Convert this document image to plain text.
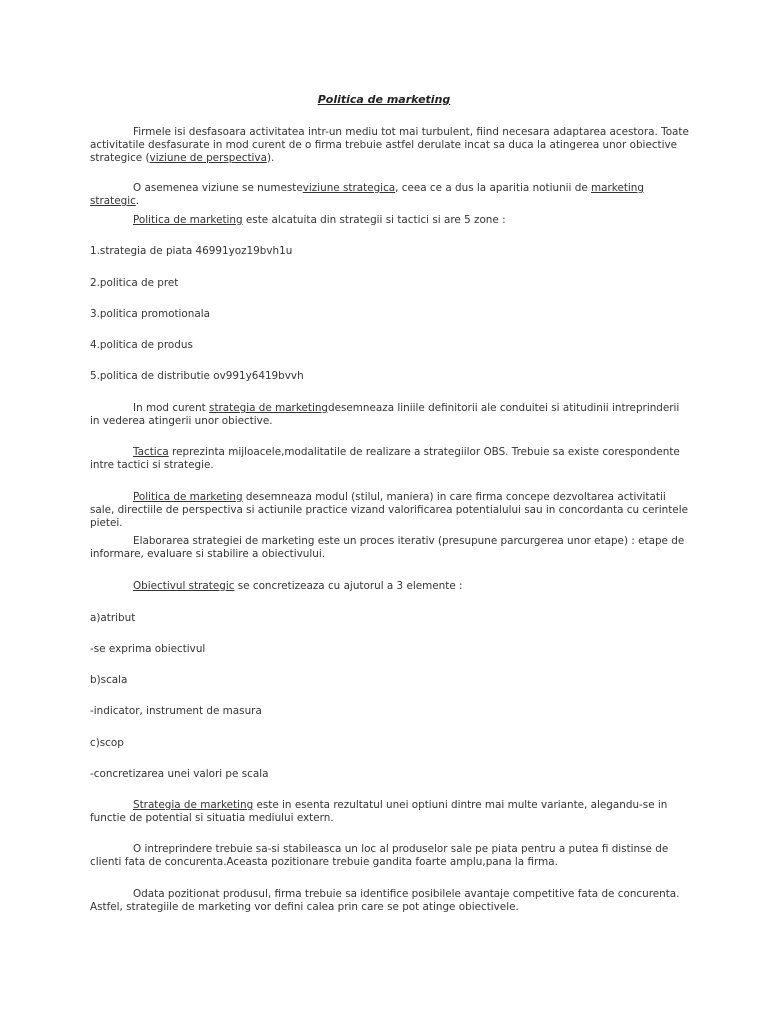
Politica de marketing

Firmele isi desfasoara activitatea intr-un mediu tot mai turbulent, fiind necesara adaptarea acestora. Toate activitatile desfasurate in mod curent de o firma trebuie astfel derulate incat sa duca la atingerea unor obiective strategice (viziune de perspectiva).

O asemenea viziune se numesteviziune strategica, ceea ce a dus la aparitia notiunii de marketing strategic.

Politica de marketing este alcatuita din strategii si tactici si are 5 zone :

1.strategia de piata 46991yoz19bvh1u

2.politica de pret

3.politica promotionala

4.politica de produs

5.politica de distributie ov991y6419bvvh

In mod curent strategia de marketingdesemneaza liniile definitorii ale conduitei si atitudinii intreprinderii in vederea atingerii unor obiective.

Tactica reprezinta mijloacele,modalitatile de realizare a strategiilor OBS. Trebuie sa existe corespondente intre tactici si strategie.

Politica de marketing desemneaza modul (stilul, maniera) in care firma concepe dezvoltarea activitatii sale, directiile de perspectiva si actiunile practice vizand valorificarea potentialului sau in concordanta cu cerintele pietei.

Elaborarea strategiei de marketing este un proces iterativ (presupune parcurgerea unor etape) : etape de informare, evaluare si stabilire a obiectivului.

Obiectivul strategic se concretizeaza cu ajutorul a 3 elemente :

a)atribut

-se exprima obiectivul

b)scala

-indicator, instrument de masura

c)scop

-concretizarea unei valori pe scala

Strategia de marketing este in esenta rezultatul unei optiuni dintre mai multe variante, alegandu-se in functie de potential si situatia mediului extern.

O intreprindere trebuie sa-si stabileasca un loc al produselor sale pe piata pentru a putea fi distinse de clienti fata de concurenta.Aceasta pozitionare trebuie gandita foarte amplu,pana la firma.

Odata pozitionat produsul, firma trebuie sa identifice posibilele avantaje competitive fata de concurenta. Astfel, strategiile de marketing vor defini calea prin care se pot atinge obiectivele.
